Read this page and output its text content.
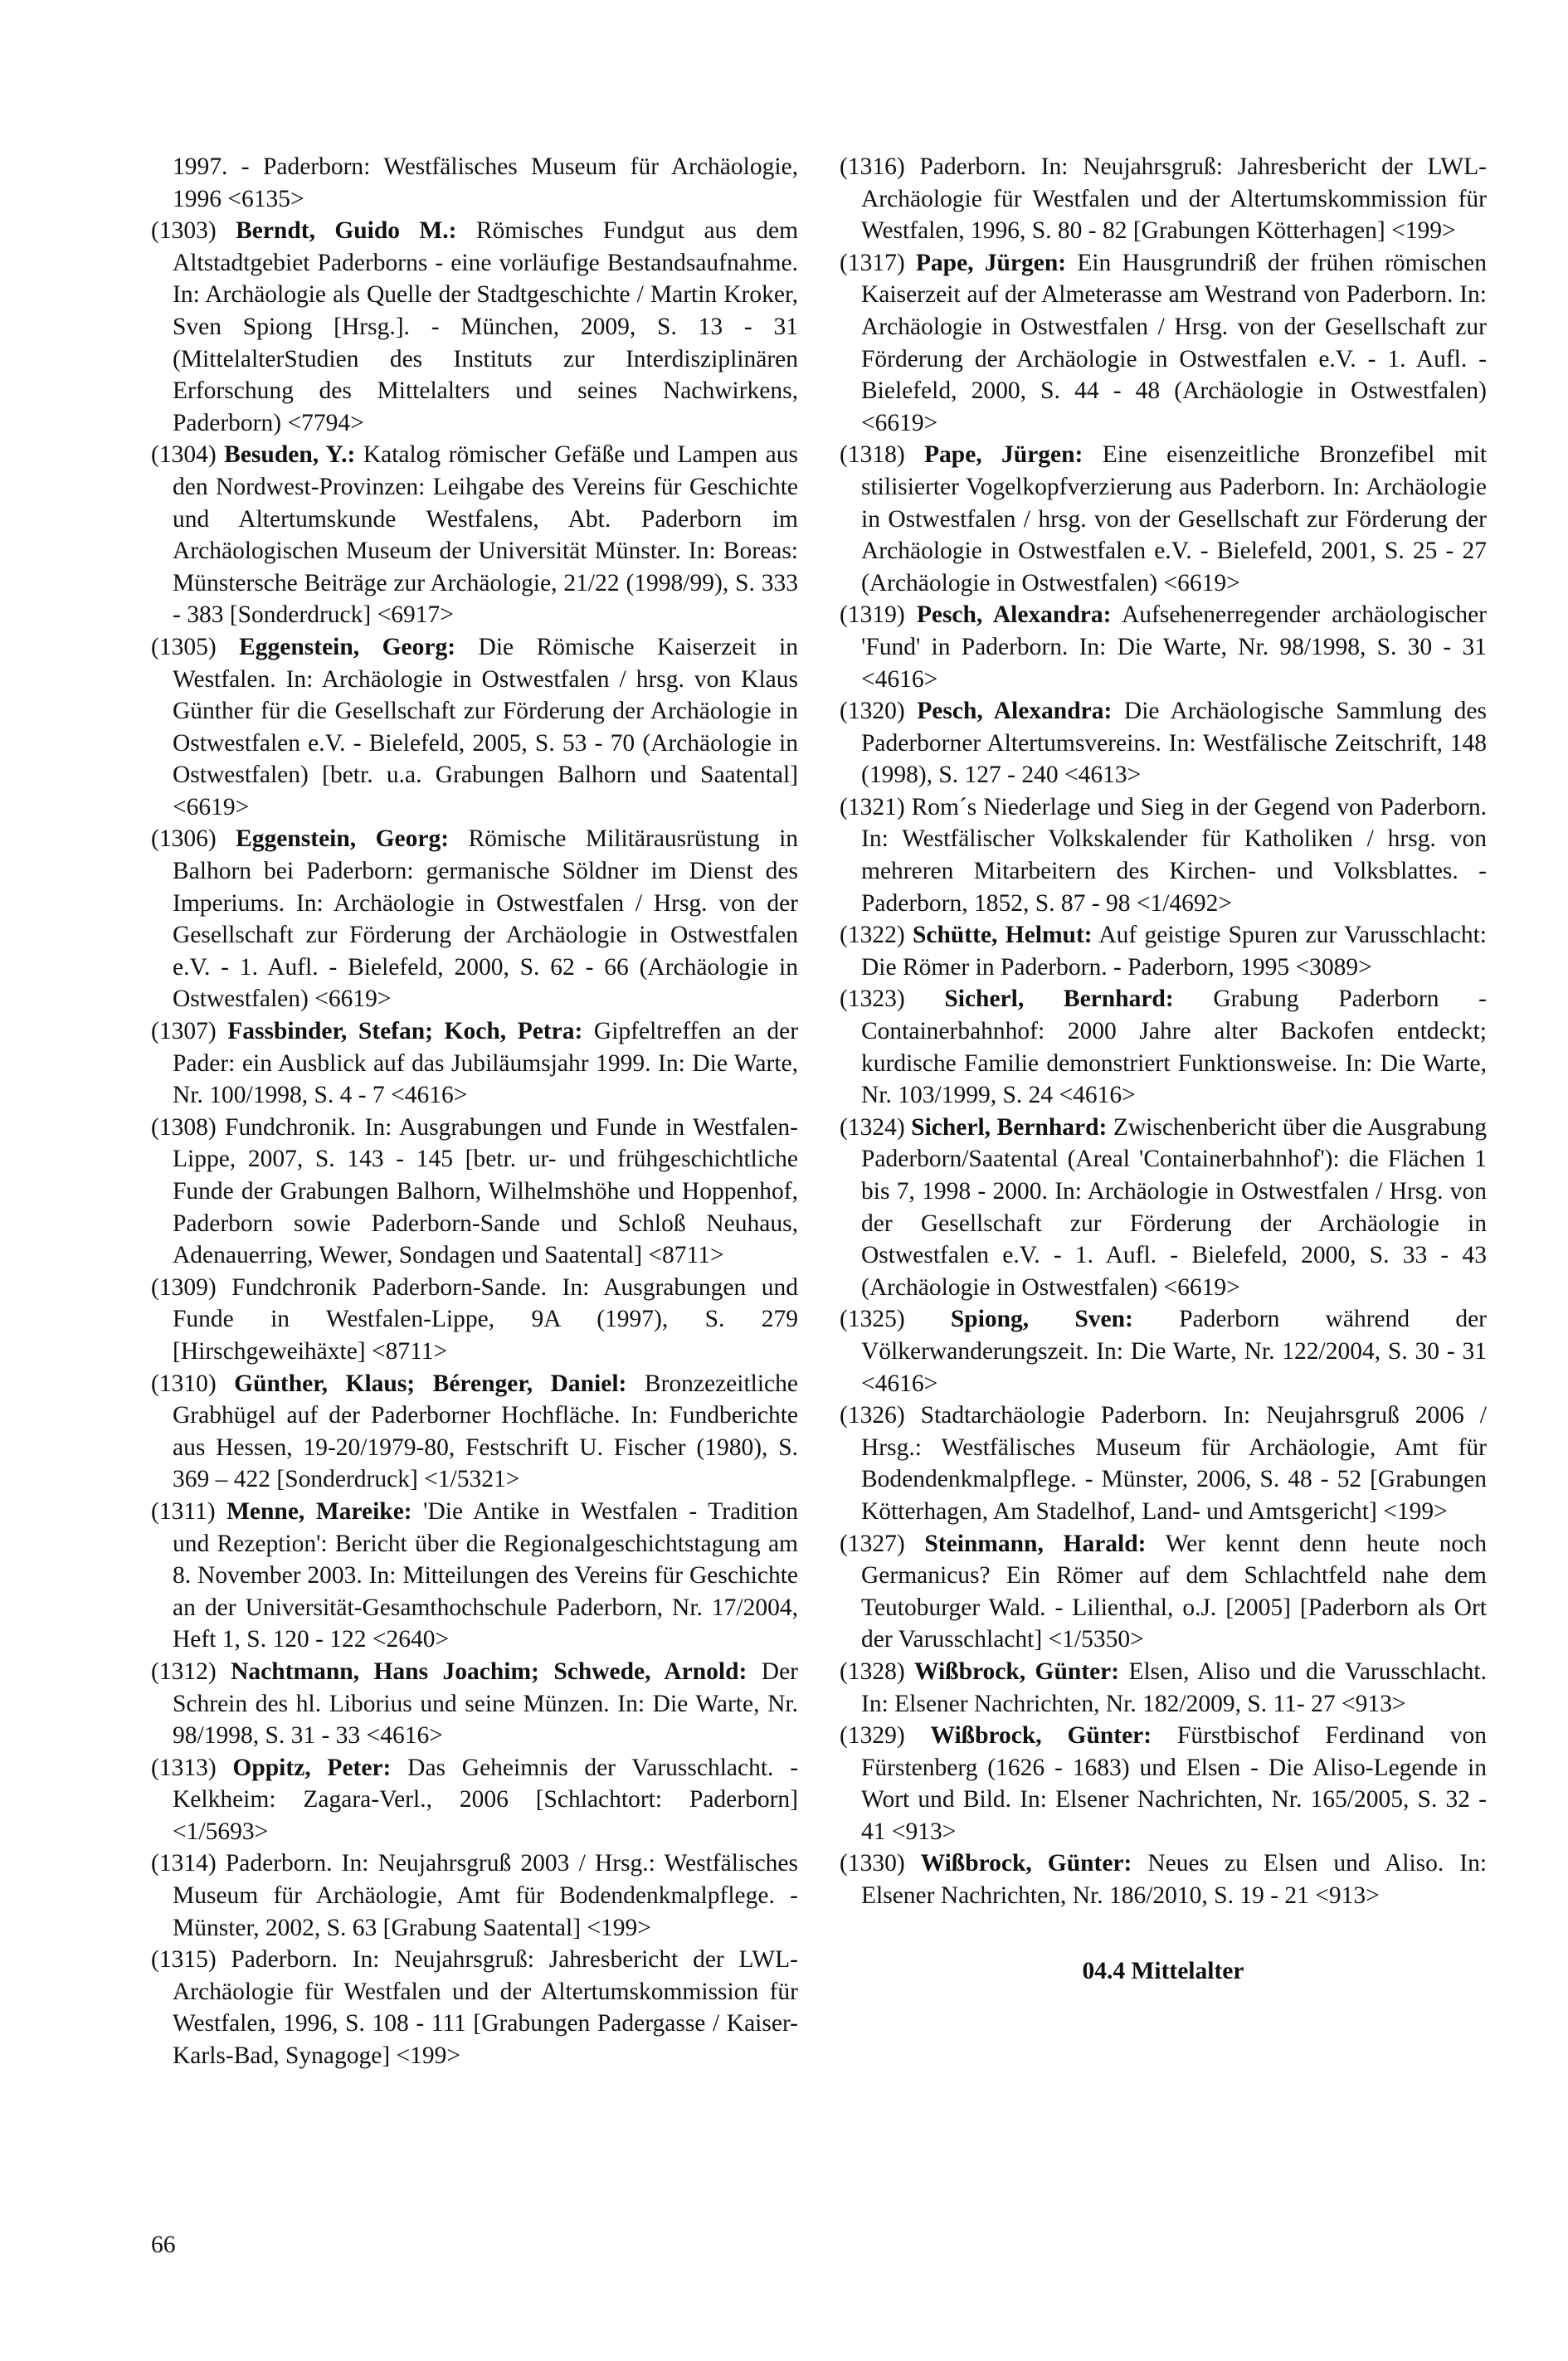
1997. - Paderborn: Westfälisches Museum für Archäologie, 1996 <6135>

(1303) Berndt, Guido M.: Römisches Fundgut aus dem Altstadtgebiet Paderborns - eine vorläufige Bestandsaufnahme. In: Archäologie als Quelle der Stadtgeschichte / Martin Kroker, Sven Spiong [Hrsg.]. - München, 2009, S. 13 - 31 (MittelalterStudien des Instituts zur Interdisziplinären Erforschung des Mittelalters und seines Nachwirkens, Paderborn) <7794>

(1304) Besuden, Y.: Katalog römischer Gefäße und Lampen aus den Nordwest-Provinzen: Leihgabe des Vereins für Geschichte und Altertumskunde Westfalens, Abt. Paderborn im Archäologischen Museum der Universität Münster. In: Boreas: Münstersche Beiträge zur Archäologie, 21/22 (1998/99), S. 333 - 383 [Sonderdruck] <6917>

(1305) Eggenstein, Georg: Die Römische Kaiserzeit in Westfalen. In: Archäologie in Ostwestfalen / hrsg. von Klaus Günther für die Gesellschaft zur Förderung der Archäologie in Ostwestfalen e.V. - Bielefeld, 2005, S. 53 - 70 (Archäologie in Ostwestfalen) [betr. u.a. Grabungen Balhorn und Saatental] <6619>

(1306) Eggenstein, Georg: Römische Militärausrüstung in Balhorn bei Paderborn: germanische Söldner im Dienst des Imperiums. In: Archäologie in Ostwestfalen / Hrsg. von der Gesellschaft zur Förderung der Archäologie in Ostwestfalen e.V. - 1. Aufl. - Bielefeld, 2000, S. 62 - 66 (Archäologie in Ostwestfalen) <6619>

(1307) Fassbinder, Stefan; Koch, Petra: Gipfeltreffen an der Pader: ein Ausblick auf das Jubiläumsjahr 1999. In: Die Warte, Nr. 100/1998, S. 4 - 7 <4616>

(1308) Fundchronik. In: Ausgrabungen und Funde in Westfalen-Lippe, 2007, S. 143 - 145 [betr. ur- und frühgeschichtliche Funde der Grabungen Balhorn, Wilhelmshöhe und Hoppenhof, Paderborn sowie Paderborn-Sande und Schloß Neuhaus, Adenauerring, Wewer, Sondagen und Saatental] <8711>

(1309) Fundchronik Paderborn-Sande. In: Ausgrabungen und Funde in Westfalen-Lippe, 9A (1997), S. 279 [Hirschgeweihäxte] <8711>

(1310) Günther, Klaus; Bérenger, Daniel: Bronzezeitliche Grabhügel auf der Paderborner Hochfläche. In: Fundberichte aus Hessen, 19-20/1979-80, Festschrift U. Fischer (1980), S. 369 – 422 [Sonderdruck] <1/5321>

(1311) Menne, Mareike: 'Die Antike in Westfalen - Tradition und Rezeption': Bericht über die Regionalgeschichtstagung am 8. November 2003. In: Mitteilungen des Vereins für Geschichte an der Universität-Gesamthochschule Paderborn, Nr. 17/2004, Heft 1, S. 120 - 122 <2640>

(1312) Nachtmann, Hans Joachim; Schwede, Arnold: Der Schrein des hl. Liborius und seine Münzen. In: Die Warte, Nr. 98/1998, S. 31 - 33 <4616>

(1313) Oppitz, Peter: Das Geheimnis der Varusschlacht. - Kelkheim: Zagara-Verl., 2006 [Schlachtort: Paderborn] <1/5693>

(1314) Paderborn. In: Neujahrsgruß 2003 / Hrsg.: Westfälisches Museum für Archäologie, Amt für Bodendenkmalpflege. - Münster, 2002, S. 63 [Grabung Saatental] <199>

(1315) Paderborn. In: Neujahrsgruß: Jahresbericht der LWL-Archäologie für Westfalen und der Altertumskommission für Westfalen, 1996, S. 108 - 111 [Grabungen Padergasse / Kaiser-Karls-Bad, Synagoge] <199>

(1316) Paderborn. In: Neujahrsgruß: Jahresbericht der LWL-Archäologie für Westfalen und der Altertumskommission für Westfalen, 1996, S. 80 - 82 [Grabungen Kötterhagen] <199>

(1317) Pape, Jürgen: Ein Hausgrundriß der frühen römischen Kaiserzeit auf der Almeterasse am Westrand von Paderborn. In: Archäologie in Ostwestfalen / Hrsg. von der Gesellschaft zur Förderung der Archäologie in Ostwestfalen e.V. - 1. Aufl. - Bielefeld, 2000, S. 44 - 48 (Archäologie in Ostwestfalen) <6619>

(1318) Pape, Jürgen: Eine eisenzeitliche Bronzefibel mit stilisierter Vogelkopfverzierung aus Paderborn. In: Archäologie in Ostwestfalen / hrsg. von der Gesellschaft zur Förderung der Archäologie in Ostwestfalen e.V. - Bielefeld, 2001, S. 25 - 27 (Archäologie in Ostwestfalen) <6619>

(1319) Pesch, Alexandra: Aufsehenerregender archäologischer 'Fund' in Paderborn. In: Die Warte, Nr. 98/1998, S. 30 - 31 <4616>

(1320) Pesch, Alexandra: Die Archäologische Sammlung des Paderborner Altertumsvereins. In: Westfälische Zeitschrift, 148 (1998), S. 127 - 240 <4613>

(1321) Rom´s Niederlage und Sieg in der Gegend von Paderborn. In: Westfälischer Volkskalender für Katholiken / hrsg. von mehreren Mitarbeitern des Kirchen- und Volksblattes. - Paderborn, 1852, S. 87 - 98 <1/4692>

(1322) Schütte, Helmut: Auf geistige Spuren zur Varusschlacht: Die Römer in Paderborn. - Paderborn, 1995 <3089>

(1323) Sicherl, Bernhard: Grabung Paderborn - Containerbahnhof: 2000 Jahre alter Backofen entdeckt; kurdische Familie demonstriert Funktionsweise. In: Die Warte, Nr. 103/1999, S. 24 <4616>

(1324) Sicherl, Bernhard: Zwischenbericht über die Ausgrabung Paderborn/Saatental (Areal 'Containerbahnhof'): die Flächen 1 bis 7, 1998 - 2000. In: Archäologie in Ostwestfalen / Hrsg. von der Gesellschaft zur Förderung der Archäologie in Ostwestfalen e.V. - 1. Aufl. - Bielefeld, 2000, S. 33 - 43 (Archäologie in Ostwestfalen) <6619>

(1325) Spiong, Sven: Paderborn während der Völkerwanderungszeit. In: Die Warte, Nr. 122/2004, S. 30 - 31 <4616>

(1326) Stadtarchäologie Paderborn. In: Neujahrsgruß 2006 / Hrsg.: Westfälisches Museum für Archäologie, Amt für Bodendenkmalpflege. - Münster, 2006, S. 48 - 52 [Grabungen Kötterhagen, Am Stadelhof, Land- und Amtsgericht] <199>

(1327) Steinmann, Harald: Wer kennt denn heute noch Germanicus? Ein Römer auf dem Schlachtfeld nahe dem Teutoburger Wald. - Lilienthal, o.J. [2005] [Paderborn als Ort der Varusschlacht] <1/5350>

(1328) Wißbrock, Günter: Elsen, Aliso und die Varusschlacht. In: Elsener Nachrichten, Nr. 182/2009, S. 11- 27 <913>

(1329) Wißbrock, Günter: Fürstbischof Ferdinand von Fürstenberg (1626 - 1683) und Elsen - Die Aliso-Legende in Wort und Bild. In: Elsener Nachrichten, Nr. 165/2005, S. 32 - 41 <913>

(1330) Wißbrock, Günter: Neues zu Elsen und Aliso. In: Elsener Nachrichten, Nr. 186/2010, S. 19 - 21 <913>

04.4 Mittelalter

66
